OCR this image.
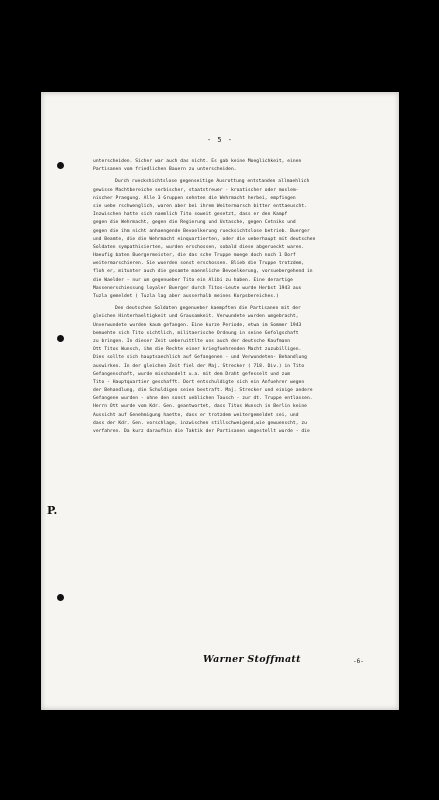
- 5 -
P.
unterscheiden. Sicher war auch das nicht. Es gab keine Moeglichkeit, einen
Partisanen vom friedlichen Bauern zu unterscheiden.
Durch rueckshichtslose gegenseitige Ausrottung entstanden allmaehlich
gewisse Machtbereiche serbischer, staatstreuer - kroatischer oder moslem-
nischer Praegung. Alle 3 Gruppen sehnten die Wehrmacht herbei, empfingen
sie uebe rschwenglich, waren aber bei ihrem Weitermarsch bitter enttaeuscht.
Inzwischen hatte sich naemlich Tito soweit gesetzt, dass er den Kampf
gegen die Wehrmacht, gegen die Regierung und Ustasche, gegen Cetniks und
gegen die ihm nicht anhaengende Bevoelkerung ruecksichtslose betrieb. Buerger
und Beamte, die die Wehrmacht einquartierten, oder die ueberhaupt mit deutschen
Soldaten sympathisierten, wurden erschossen, sobald diese abgerueckt waren.
Haeufig baten Buergermeister, die das sche Truppe moege doch noch 1 Dorf
weitermarschieren. Sie wuerden sonst erschossen. Blieb die Truppe trotzdem,
floh er, mitunter auch die gesamte maennliche Bevoelkerung, vorsuebergehend in
die Waelder - nur um gegenueber Tito ein Alibi zu haben. Eine derartige
Massenerschiessung loyaler Buerger durch Titos-Leute wurde Herbst 1943 aus
Tuzla gemeldet ( Tuzla lag aber ausserhalb meines Korpsbereiches.)
Den deutschen Soldaten gegenueber kaempften die Partisanen mit der
gleichen Hinterhaeltigkeit und Grausamkeit. Verwundete wurden umgebracht,
Unverwundete wurden kaum gefangen. Eine kurze Periode, etwa im Sommer 1943
bemuehte sich Tito sichtlich, militaerische Ordnung in seine Gefolgschaft
zu bringen. In dieser Zeit ueberuittlte uns auch der deutsche Kaufmann
Ott Titos Wunsch, ihm die Rechte einer kriegfuehrenden Macht zuzubilligen.
Dies sollte sich hauptsaechlich auf Gefangenen - und Verwundeten- Behandlung
auswirken. In der gleichen Zeit fiel der Maj. Strecker ( 718. Div.) in Tito
Gefangenschaft, wurde misshandelt u.a. mit dem Draht gefesselt und zum
Tito - Hauptquartier geschafft. Dort entschuldigte sich ein Anfuehrer wegen
der Behandlung, die Schuldigen seien bestraft. Maj. Strecker und einige andere
Gefangene wurden - ohne den sonst ueblichen Tausch - zur dt. Truppe entlassen.
Herrn Ott wurde vom Kdr. Gen. geantwortet, dass Titos Wunsch in Berlin keine
Aussicht auf Genehmigung haette, dass er trotzdem weitergemeldet sei, und
dass der Kdr. Gen. vorschlage, inzwischen stillschweigend,wie gewuenscht, zu
verfahren. Da kurz daraufhin die Taktik der Partisanen umgestellt wurde - die
Warner Stoffmatt	-6-
